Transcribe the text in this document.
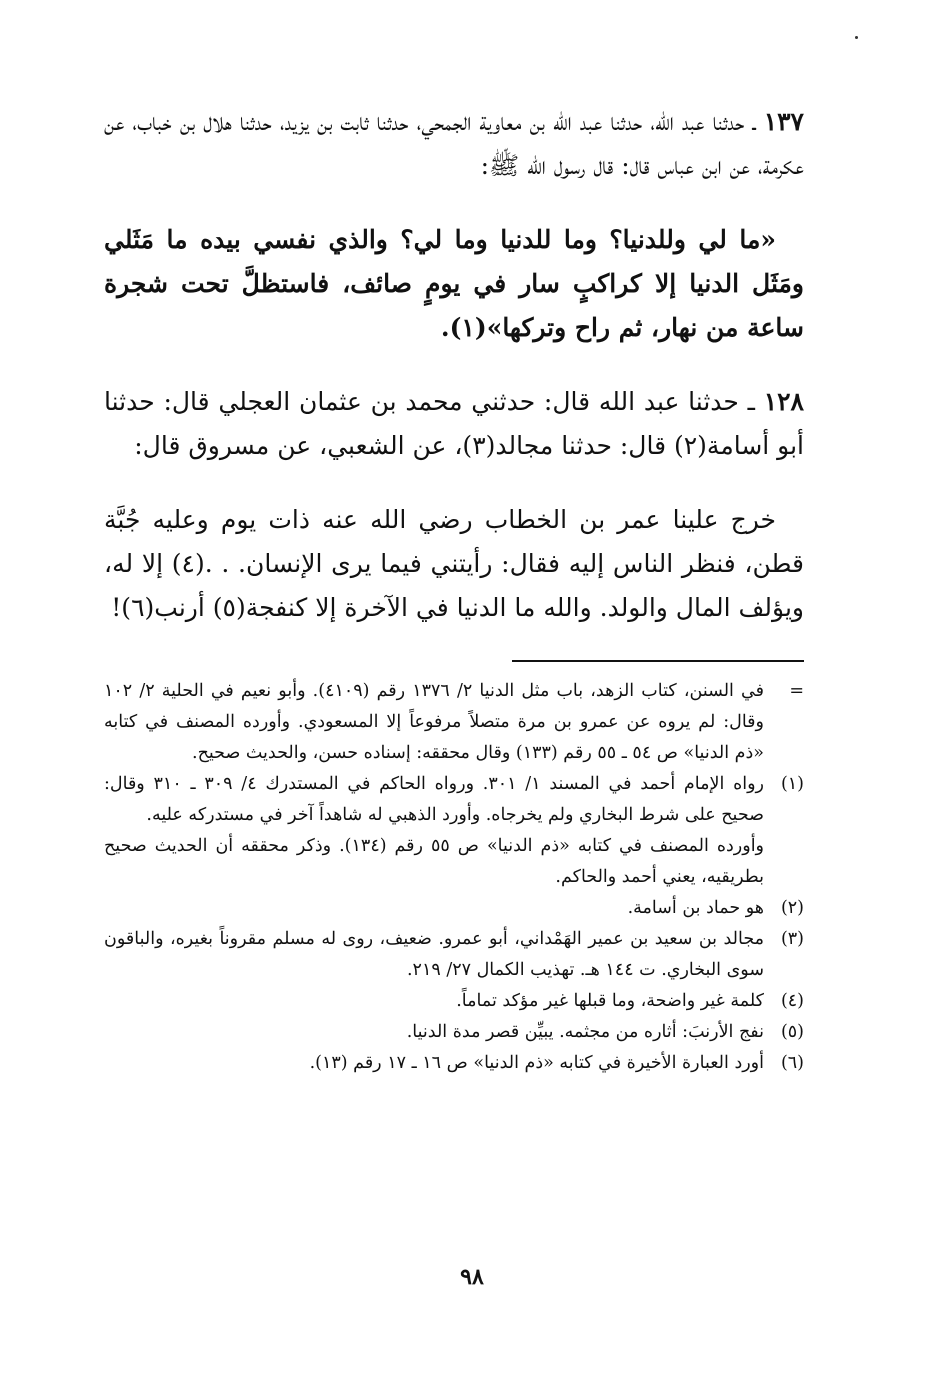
١٣٧ ـ حدثنا عبد الله، حدثنا عبد الله بن معاوية الجمحي، حدثنا ثابت بن يزيد، حدثنا هلال بن خباب، عن عكرمة، عن ابن عباس قال: قال رسول الله ﷺ:

«ما لي وللدنيا؟ وما للدنيا وما لي؟ والذي نفسي بيده ما مَثَلي ومَثَل الدنيا إلا كراكبٍ سار في يومٍ صائف، فاستظلَّ تحت شجرة ساعة من نهار، ثم راح وتركها»(١).

١٢٨ ـ حدثنا عبد الله قال: حدثني محمد بن عثمان العجلي قال: حدثنا أبو أسامة(٢) قال: حدثنا مجالد(٣)، عن الشعبي، عن مسروق قال:

خرج علينا عمر بن الخطاب رضي الله عنه ذات يوم وعليه جُبَّة قطن، فنظر الناس إليه فقال: رأيتني فيما يرى الإنسان. . .(٤) إلا له، ويؤلف المال والولد. والله ما الدنيا في الآخرة إلا كنفجة(٥) أرنب(٦)!

=

في السنن، كتاب الزهد، باب مثل الدنيا ٢/ ١٣٧٦ رقم (٤١٠٩). وأبو نعيم في الحلية ٢/ ١٠٢ وقال: لم يروه عن عمرو بن مرة متصلاً مرفوعاً إلا المسعودي. وأورده المصنف في كتابه «ذم الدنيا» ص ٥٤ ـ ٥٥ رقم (١٣٣) وقال محققه: إسناده حسن، والحديث صحيح.

(١)

رواه الإمام أحمد في المسند ١/ ٣٠١. ورواه الحاكم في المستدرك ٤/ ٣٠٩ ـ ٣١٠ وقال: صحيح على شرط البخاري ولم يخرجاه. وأورد الذهبي له شاهداً آخر في مستدركه عليه.

وأورده المصنف في كتابه «ذم الدنيا» ص ٥٥ رقم (١٣٤). وذكر محققه أن الحديث صحيح بطريقيه، يعني أحمد والحاكم.

(٢)

هو حماد بن أسامة.

(٣)

مجالد بن سعيد بن عمير الهَمْداني، أبو عمرو. ضعيف، روى له مسلم مقروناً بغيره، والباقون سوى البخاري. ت ١٤٤ هـ. تهذيب الكمال ٢٧/ ٢١٩.

(٤)

كلمة غير واضحة، وما قبلها غير مؤكد تماماً.

(٥)

نفج الأرنبَ: أثاره من مجثمه. يبيِّن قصر مدة الدنيا.

(٦)

أورد العبارة الأخيرة في كتابه «ذم الدنيا» ص ١٦ ـ ١٧ رقم (١٣).

٩٨
